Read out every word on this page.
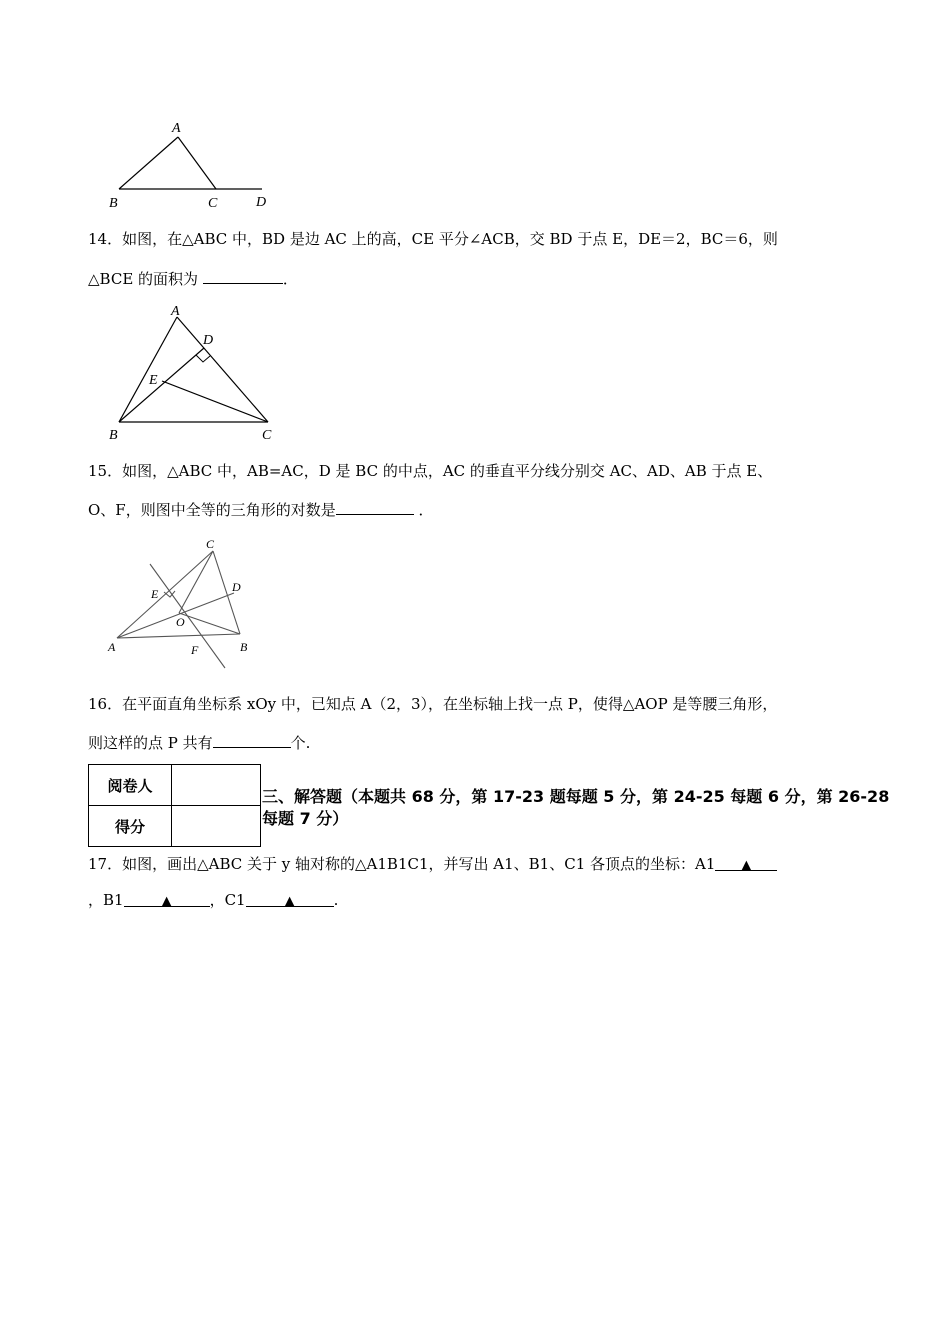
A
B	C	D
14．如图，在△ABC 中，BD 是边 AC 上的高，CE 平分∠ACB，交 BD 于点 E，DE＝2，BC＝6，则
△BCE 的面积为	．
A
D
E
B	C
15．如图，△ABC 中，AB=AC，D 是 BC 的中点，AC 的垂直平分线分别交 AC、AD、AB 于点 E、
O、F，则图中全等的三角形的对数是	．
C
D
E
O
A	F	B
16．在平面直角坐标系 xOy 中，已知点 A（2，3），在坐标轴上找一点 P，使得△AOP 是等腰三角形，
则这样的点 P 共有	个.
阅卷人	
得分	
三、解答题（本题共 68 分，第 17-23 题每题 5 分，第 24-25 每题 6 分，第 26-28 每题 7 分）
17．如图，画出△ABC 关于 y 轴对称的△A1B1C1，并写出 A1、B1、C1 各顶点的坐标：A1 ▲
，B1	▲	，C1	▲	.
